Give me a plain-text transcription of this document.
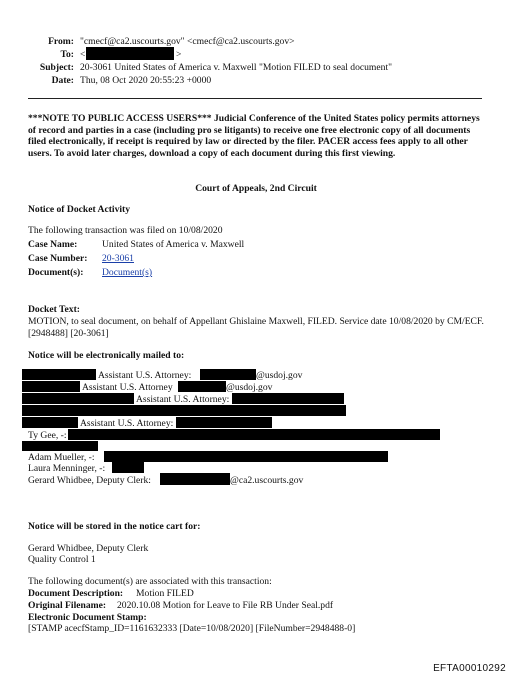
From: "cmecf@ca2.uscourts.gov" <cmecf@ca2.uscourts.gov>
To: <	>
Subject: 20-3061 United States of America v. Maxwell "Motion FILED to seal document"
Date: Thu, 08 Oct 2020 20:55:23 +0000
***NOTE TO PUBLIC ACCESS USERS*** Judicial Conference of the United States policy permits attorneys of record and parties in a case (including pro se litigants) to receive one free electronic copy of all documents filed electronically, if receipt is required by law or directed by the filer. PACER access fees apply to all other users. To avoid later charges, download a copy of each document during this first viewing.
Court of Appeals, 2nd Circuit
Notice of Docket Activity
The following transaction was filed on 10/08/2020
Case Name:	United States of America v. Maxwell
Case Number: 20-3061
Document(s): Document(s)
Docket Text:
MOTION, to seal document, on behalf of Appellant Ghislaine Maxwell, FILED. Service date 10/08/2020 by CM/ECF. [2948488] [20-3061]
Notice will be electronically mailed to:
Assistant U.S. Attorney:	@usdoj.gov
Assistant U.S. Attorney	@usdoj.gov
Assistant U.S. Attorney:
Assistant U.S. Attorney:
Ty Gee, -:
Adam Mueller, -:
Laura Menninger, -:
Gerard Whidbee, Deputy Clerk:	@ca2.uscourts.gov
Notice will be stored in the notice cart for:
Gerard Whidbee, Deputy Clerk
Quality Control 1
The following document(s) are associated with this transaction:
Document Description: Motion FILED
Original Filename: 2020.10.08 Motion for Leave to File RB Under Seal.pdf
Electronic Document Stamp:
[STAMP acecfStamp_ID=1161632333 [Date=10/08/2020] [FileNumber=2948488-0]
EFTA00010292
